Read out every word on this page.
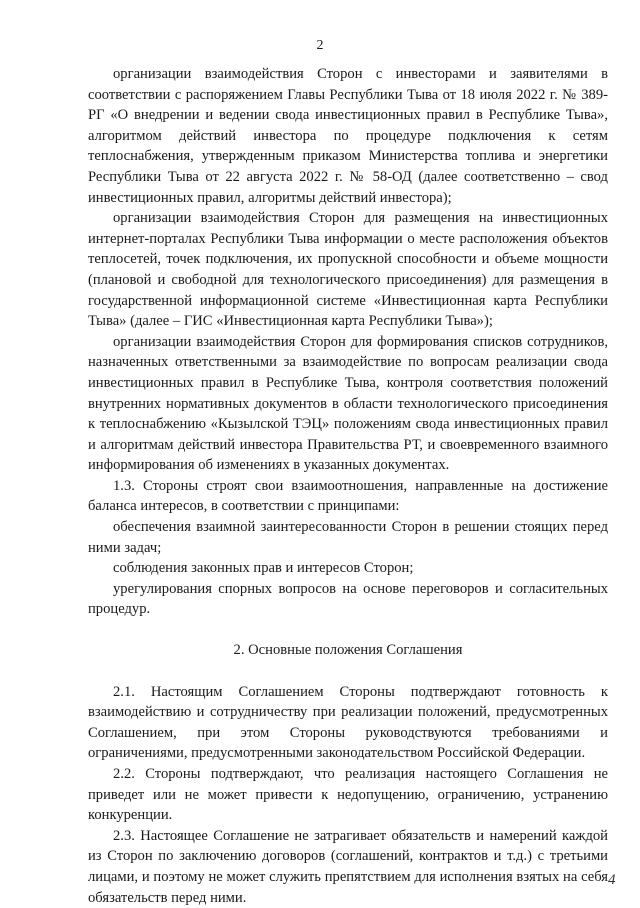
2

организации взаимодействия Сторон с инвесторами и заявителями в соответствии с распоряжением Главы Республики Тыва от 18 июля 2022 г. № 389-РГ «О внедрении и ведении свода инвестиционных правил в Республике Тыва», алгоритмом действий инвестора по процедуре подключения к сетям теплоснабжения, утвержденным приказом Министерства топлива и энергетики Республики Тыва от 22 августа 2022 г. № 58-ОД (далее соответственно – свод инвестиционных правил, алгоритмы действий инвестора);

организации взаимодействия Сторон для размещения на инвестиционных интернет-порталах Республики Тыва информации о месте расположения объектов теплосетей, точек подключения, их пропускной способности и объеме мощности (плановой и свободной для технологического присоединения) для размещения в государственной информационной системе «Инвестиционная карта Республики Тыва» (далее – ГИС «Инвестиционная карта Республики Тыва»);

организации взаимодействия Сторон для формирования списков сотрудников, назначенных ответственными за взаимодействие по вопросам реализации свода инвестиционных правил в Республике Тыва, контроля соответствия положений внутренних нормативных документов в области технологического присоединения к теплоснабжению «Кызылской ТЭЦ» положениям свода инвестиционных правил и алгоритмам действий инвестора Правительства РТ, и своевременного взаимного информирования об изменениях в указанных документах.

1.3. Стороны строят свои взаимоотношения, направленные на достижение баланса интересов, в соответствии с принципами:

обеспечения взаимной заинтересованности Сторон в решении стоящих перед ними задач;

соблюдения законных прав и интересов Сторон;

урегулирования спорных вопросов на основе переговоров и согласительных процедур.

2. Основные положения Соглашения

2.1. Настоящим Соглашением Стороны подтверждают готовность к взаимодействию и сотрудничеству при реализации положений, предусмотренных Соглашением, при этом Стороны руководствуются требованиями и ограничениями, предусмотренными законодательством Российской Федерации.

2.2. Стороны подтверждают, что реализация настоящего Соглашения не приведет или не может привести к недопущению, ограничению, устранению конкуренции.

2.3. Настоящее Соглашение не затрагивает обязательств и намерений каждой из Сторон по заключению договоров (соглашений, контрактов и т.д.) с третьими лицами, и поэтому не может служить препятствием для исполнения взятых на себя обязательств перед ними.

4
